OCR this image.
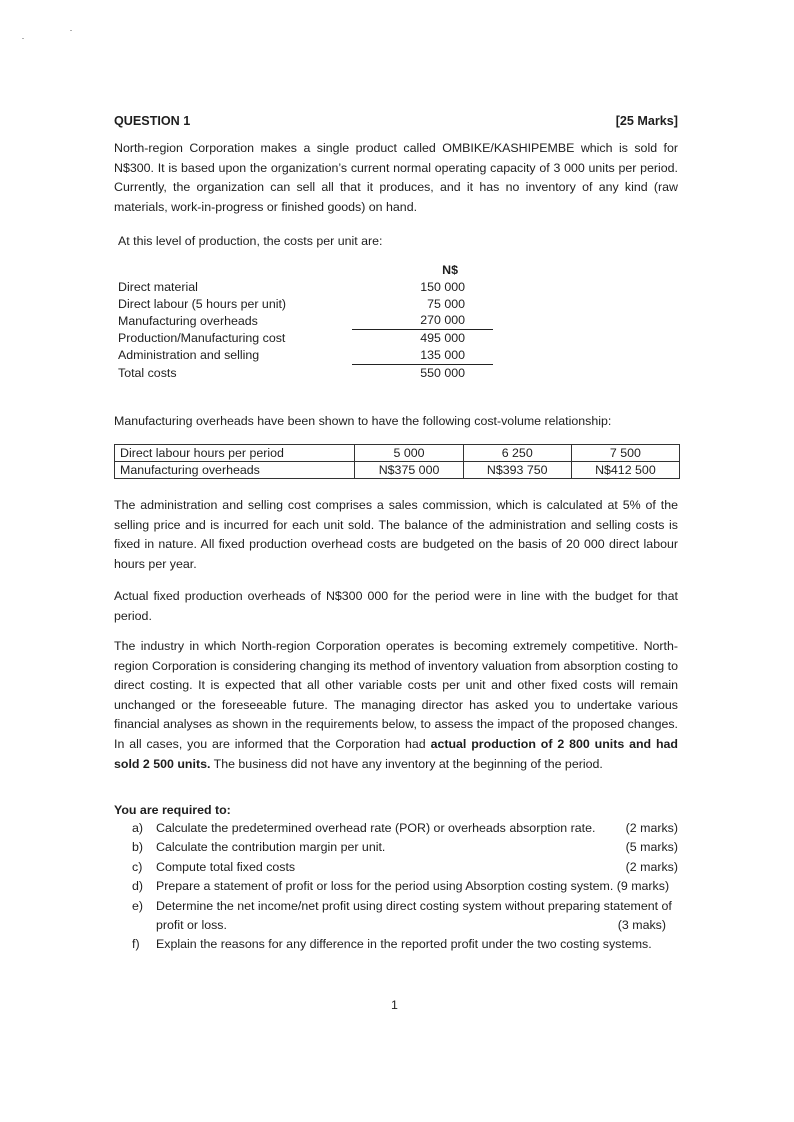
QUESTION 1	[25 Marks]

North-region Corporation makes a single product called OMBIKE/KASHIPEMBE which is sold for N$300. It is based upon the organization’s current normal operating capacity of 3 000 units per period. Currently, the organization can sell all that it produces, and it has no inventory of any kind (raw materials, work-in-progress or finished goods) on hand.

At this level of production, the costs per unit are:

	N$
Direct material	150 000
Direct labour (5 hours per unit)	75 000
Manufacturing overheads	270 000
Production/Manufacturing cost	495 000
Administration and selling	135 000
Total costs	550 000

Manufacturing overheads have been shown to have the following cost-volume relationship:

Direct labour hours per period	5 000	6 250	7 500
Manufacturing overheads	N$375 000	N$393 750	N$412 500

The administration and selling cost comprises a sales commission, which is calculated at 5% of the selling price and is incurred for each unit sold. The balance of the administration and selling costs is fixed in nature. All fixed production overhead costs are budgeted on the basis of 20 000 direct labour hours per year.

Actual fixed production overheads of N$300 000 for the period were in line with the budget for that period.

The industry in which North-region Corporation operates is becoming extremely competitive. North-region Corporation is considering changing its method of inventory valuation from absorption costing to direct costing. It is expected that all other variable costs per unit and other fixed costs will remain unchanged or the foreseeable future. The managing director has asked you to undertake various financial analyses as shown in the requirements below, to assess the impact of the proposed changes. In all cases, you are informed that the Corporation had actual production of 2 800 units and had sold 2 500 units. The business did not have any inventory at the beginning of the period.

You are required to:
a)	(2 marks)
Calculate the predetermined overhead rate (POR) or overheads absorption rate.
b)	(5 marks)
Calculate the contribution margin per unit.
c)	(2 marks)
Compute total fixed costs
d) Prepare a statement of profit or loss for the period using Absorption costing system. (9 marks)
e) Determine the net income/net profit using direct costing system without preparing statement of profit or loss.	(3 maks)
f) Explain the reasons for any difference in the reported profit under the two costing systems.
1
